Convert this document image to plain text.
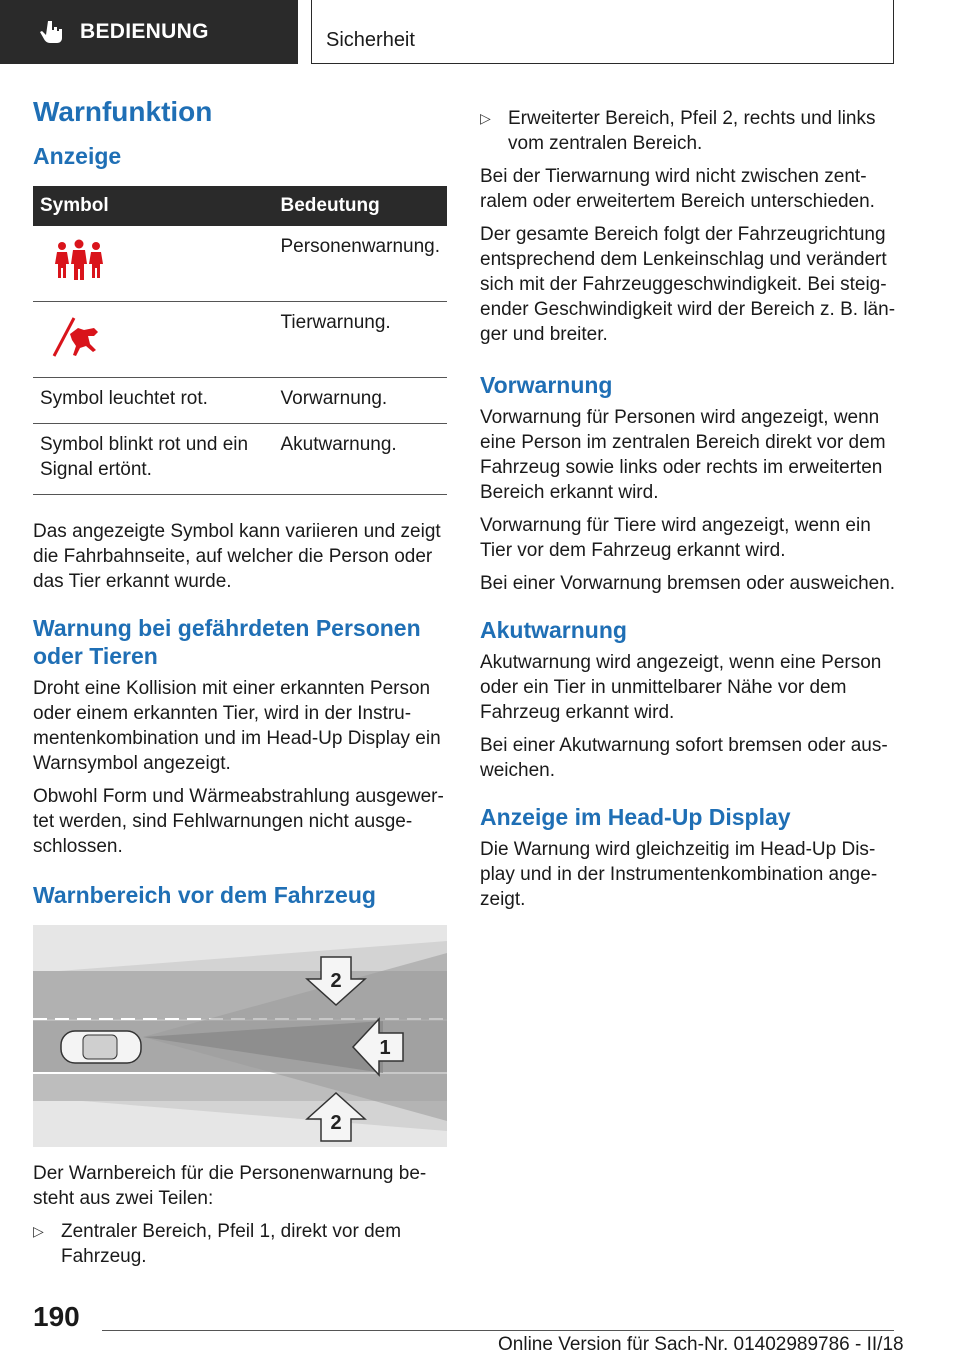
BEDIENUNG	Sicherheit
Warnfunktion
Anzeige
Symbol	Bedeutung
	Personenwarnung.
	Tierwarnung.
Symbol leuchtet rot.	Vorwarnung.
Symbol blinkt rot und ein Signal ertönt.	Akutwarnung.

Das angezeigte Symbol kann variieren und zeigt die Fahrbahnseite, auf welcher die Person oder das Tier erkannt wurde.

Warnung bei gefährdeten Personen oder Tieren

Droht eine Kollision mit einer erkannten Person oder einem erkannten Tier, wird in der Instrumentenkombination und im Head-Up Display ein Warnsymbol angezeigt.

Obwohl Form und Wärmeabstrahlung ausgewertet werden, sind Fehlwarnungen nicht ausgeschlossen.

Warnbereich vor dem Fahrzeug
2
1
2

Der Warnbereich für die Personenwarnung besteht aus zwei Teilen:

▷ Zentraler Bereich, Pfeil 1, direkt vor dem Fahrzeug.
▷ Erweiterter Bereich, Pfeil 2, rechts und links vom zentralen Bereich.

Bei der Tierwarnung wird nicht zwischen zentralem oder erweitertem Bereich unterschieden.

Der gesamte Bereich folgt der Fahrzeugrichtung entsprechend dem Lenkeinschlag und verändert sich mit der Fahrzeuggeschwindigkeit. Bei steigender Geschwindigkeit wird der Bereich z. B. länger und breiter.

Vorwarnung

Vorwarnung für Personen wird angezeigt, wenn eine Person im zentralen Bereich direkt vor dem Fahrzeug sowie links oder rechts im erweiterten Bereich erkannt wird.

Vorwarnung für Tiere wird angezeigt, wenn ein Tier vor dem Fahrzeug erkannt wird.

Bei einer Vorwarnung bremsen oder ausweichen.

Akutwarnung

Akutwarnung wird angezeigt, wenn eine Person oder ein Tier in unmittelbarer Nähe vor dem Fahrzeug erkannt wird.

Bei einer Akutwarnung sofort bremsen oder ausweichen.

Anzeige im Head-Up Display

Die Warnung wird gleichzeitig im Head-Up Display und in der Instrumentenkombination angezeigt.

190
Online Version für Sach-Nr. 01402989786 - II/18
